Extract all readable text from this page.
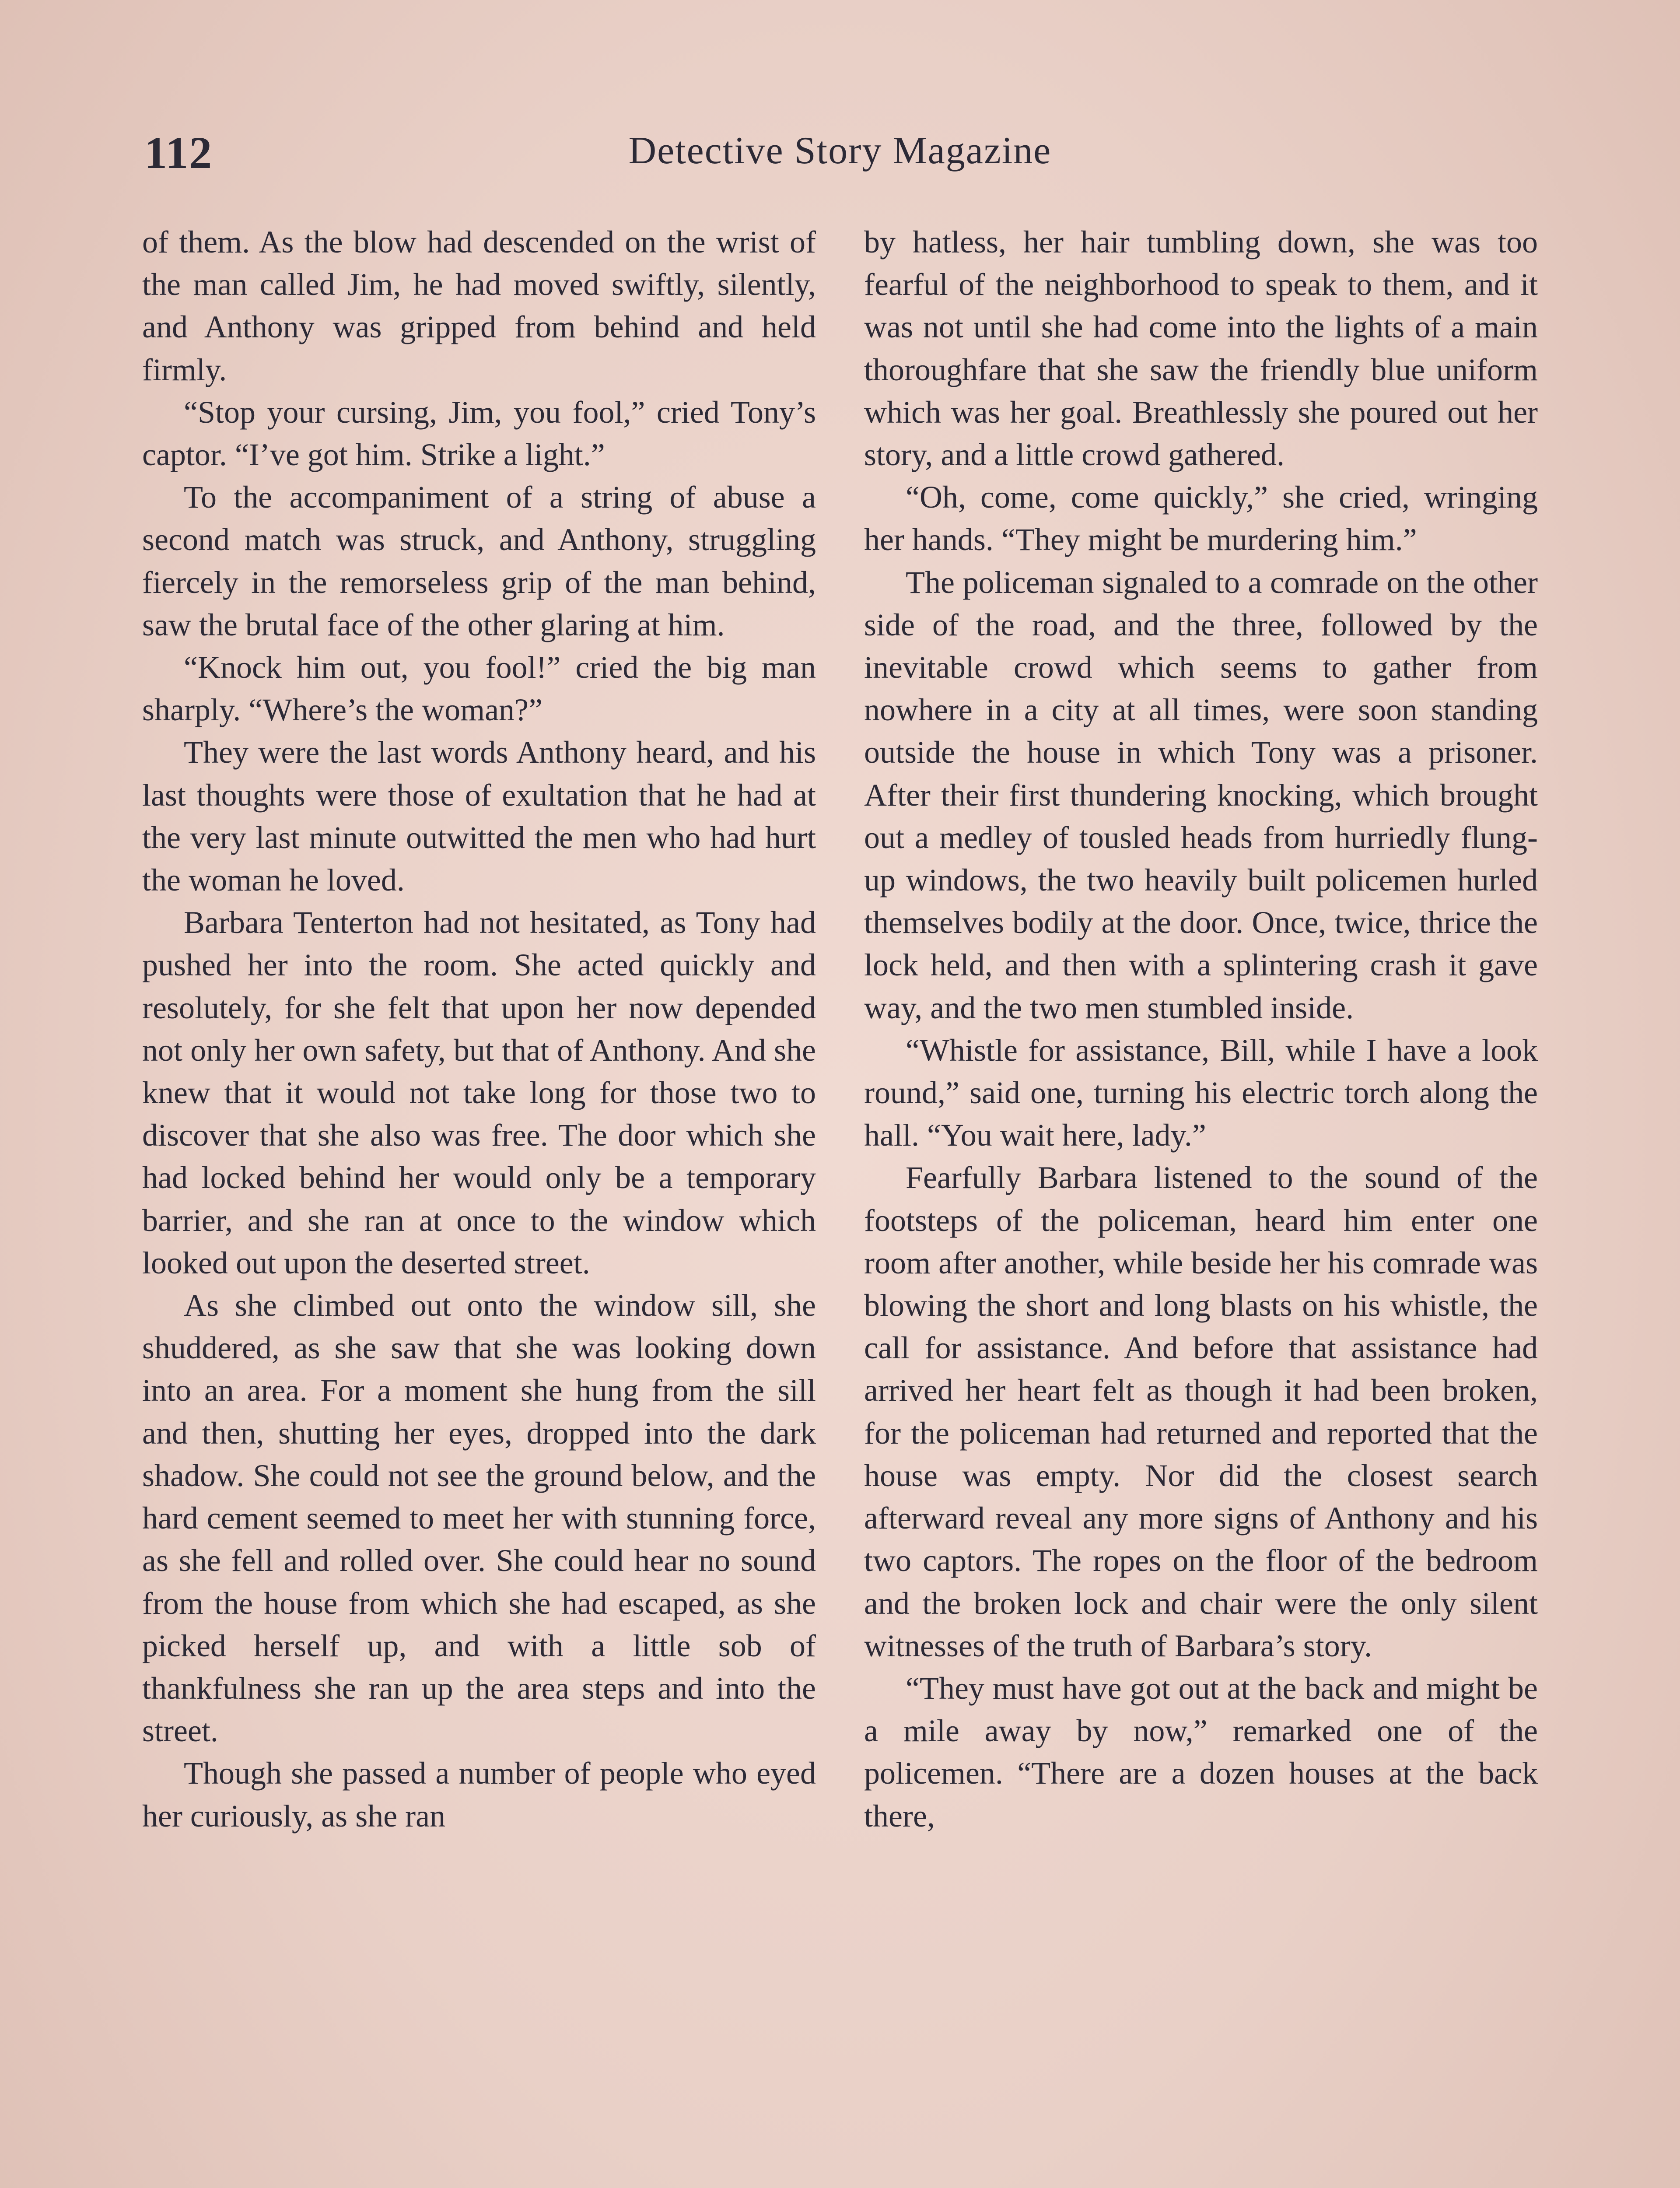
112	Detective Story Magazine

of them. As the blow had descended on the wrist of the man called Jim, he had moved swiftly, silently, and Anthony was gripped from behind and held firmly.

“Stop your cursing, Jim, you fool,” cried Tony’s captor. “I’ve got him. Strike a light.”

To the accompaniment of a string of abuse a second match was struck, and Anthony, struggling fiercely in the remorseless grip of the man behind, saw the brutal face of the other glaring at him.

“Knock him out, you fool!” cried the big man sharply. “Where’s the woman?”

They were the last words Anthony heard, and his last thoughts were those of exultation that he had at the very last minute outwitted the men who had hurt the woman he loved.

Barbara Tenterton had not hesitated, as Tony had pushed her into the room. She acted quickly and resolutely, for she felt that upon her now depended not only her own safety, but that of Anthony. And she knew that it would not take long for those two to discover that she also was free. The door which she had locked behind her would only be a temporary barrier, and she ran at once to the window which looked out upon the deserted street.

As she climbed out onto the window sill, she shuddered, as she saw that she was looking down into an area. For a moment she hung from the sill and then, shutting her eyes, dropped into the dark shadow. She could not see the ground below, and the hard cement seemed to meet her with stunning force, as she fell and rolled over. She could hear no sound from the house from which she had escaped, as she picked herself up, and with a little sob of thankfulness she ran up the area steps and into the street.

Though she passed a number of people who eyed her curiously, as she ran

by hatless, her hair tumbling down, she was too fearful of the neighborhood to speak to them, and it was not until she had come into the lights of a main thoroughfare that she saw the friendly blue uniform which was her goal. Breathlessly she poured out her story, and a little crowd gathered.

“Oh, come, come quickly,” she cried, wringing her hands. “They might be murdering him.”

The policeman signaled to a comrade on the other side of the road, and the three, followed by the inevitable crowd which seems to gather from nowhere in a city at all times, were soon standing outside the house in which Tony was a prisoner. After their first thundering knocking, which brought out a medley of tousled heads from hurriedly flung-up windows, the two heavily built policemen hurled themselves bodily at the door. Once, twice, thrice the lock held, and then with a splintering crash it gave way, and the two men stumbled inside.

“Whistle for assistance, Bill, while I have a look round,” said one, turning his electric torch along the hall. “You wait here, lady.”

Fearfully Barbara listened to the sound of the footsteps of the policeman, heard him enter one room after another, while beside her his comrade was blowing the short and long blasts on his whistle, the call for assistance. And before that assistance had arrived her heart felt as though it had been broken, for the policeman had returned and reported that the house was empty. Nor did the closest search afterward reveal any more signs of Anthony and his two captors. The ropes on the floor of the bedroom and the broken lock and chair were the only silent witnesses of the truth of Barbara’s story.

“They must have got out at the back and might be a mile away by now,” remarked one of the policemen. “There are a dozen houses at the back there,
